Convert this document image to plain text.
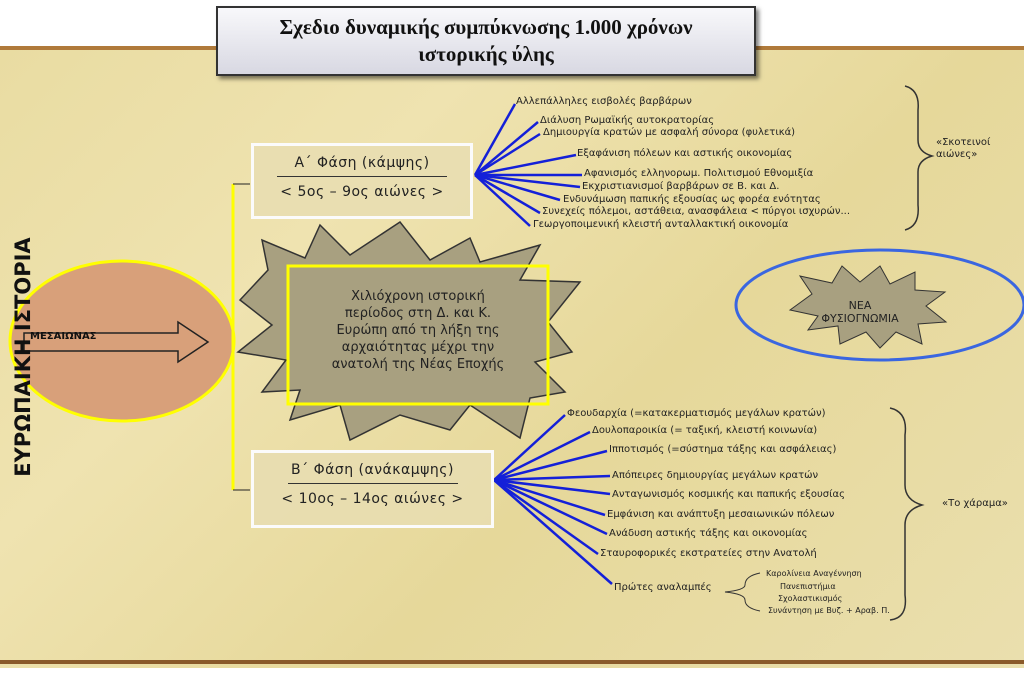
Σχεδιο δυναμικής συμπύκνωσης 1.000 χρόνων
ιστορικής ύλης
ΕΥΡΩΠΑΙΚΗ ΙΣΤΟΡΙΑ
ΜΕΣΑΙΩΝΑΣ
Α΄ Φάση (κάμψης)
< 5ος – 9ος αιώνες >
Β΄ Φάση (ανάκαμψης)
< 10ος – 14ος αιώνες >
Χιλιόχρονη ιστορική
περίοδος στη Δ. και Κ.
Ευρώπη από τη λήξη της
αρχαιότητας μέχρι την
ανατολή της Νέας Εποχής
ΝΕΑ
ΦΥΣΙΟΓΝΩΜΙΑ
Αλλεπάλληλες εισβολές βαρβάρων
Διάλυση Ρωμαϊκής αυτοκρατορίας
Δημιουργία κρατών με ασφαλή σύνορα (φυλετικά)
Εξαφάνιση πόλεων και αστικής οικονομίας
Αφανισμός ελληνορωμ. Πολιτισμού Εθνομιξία
Εκχριστιανισμοί βαρβάρων σε Β. και Δ.
Ενδυνάμωση παπικής εξουσίας ως φορέα ενότητας
Συνεχείς πόλεμοι, αστάθεια, ανασφάλεια < πύργοι ισχυρών...
Γεωργοποιμενική κλειστή ανταλλακτική οικονομία
«Σκοτεινοί
αιώνες»
Φεουδαρχία (=κατακερματισμός μεγάλων κρατών)
Δουλοπαροικία (= ταξική, κλειστή κοινωνία)
Ιπποτισμός (=σύστημα τάξης και ασφάλειας)
Απόπειρες δημιουργίας μεγάλων κρατών
Ανταγωνισμός κοσμικής και παπικής εξουσίας
Εμφάνιση και ανάπτυξη μεσαιωνικών πόλεων
Ανάδυση αστικής τάξης και οικονομίας
Σταυροφορικές εκστρατείες στην Ανατολή
Πρώτες αναλαμπές
Καρολίνεια Αναγέννηση
Πανεπιστήμια
Σχολαστικισμός
Συνάντηση με Βυζ. + Αραβ. Π.
«Το χάραμα»
